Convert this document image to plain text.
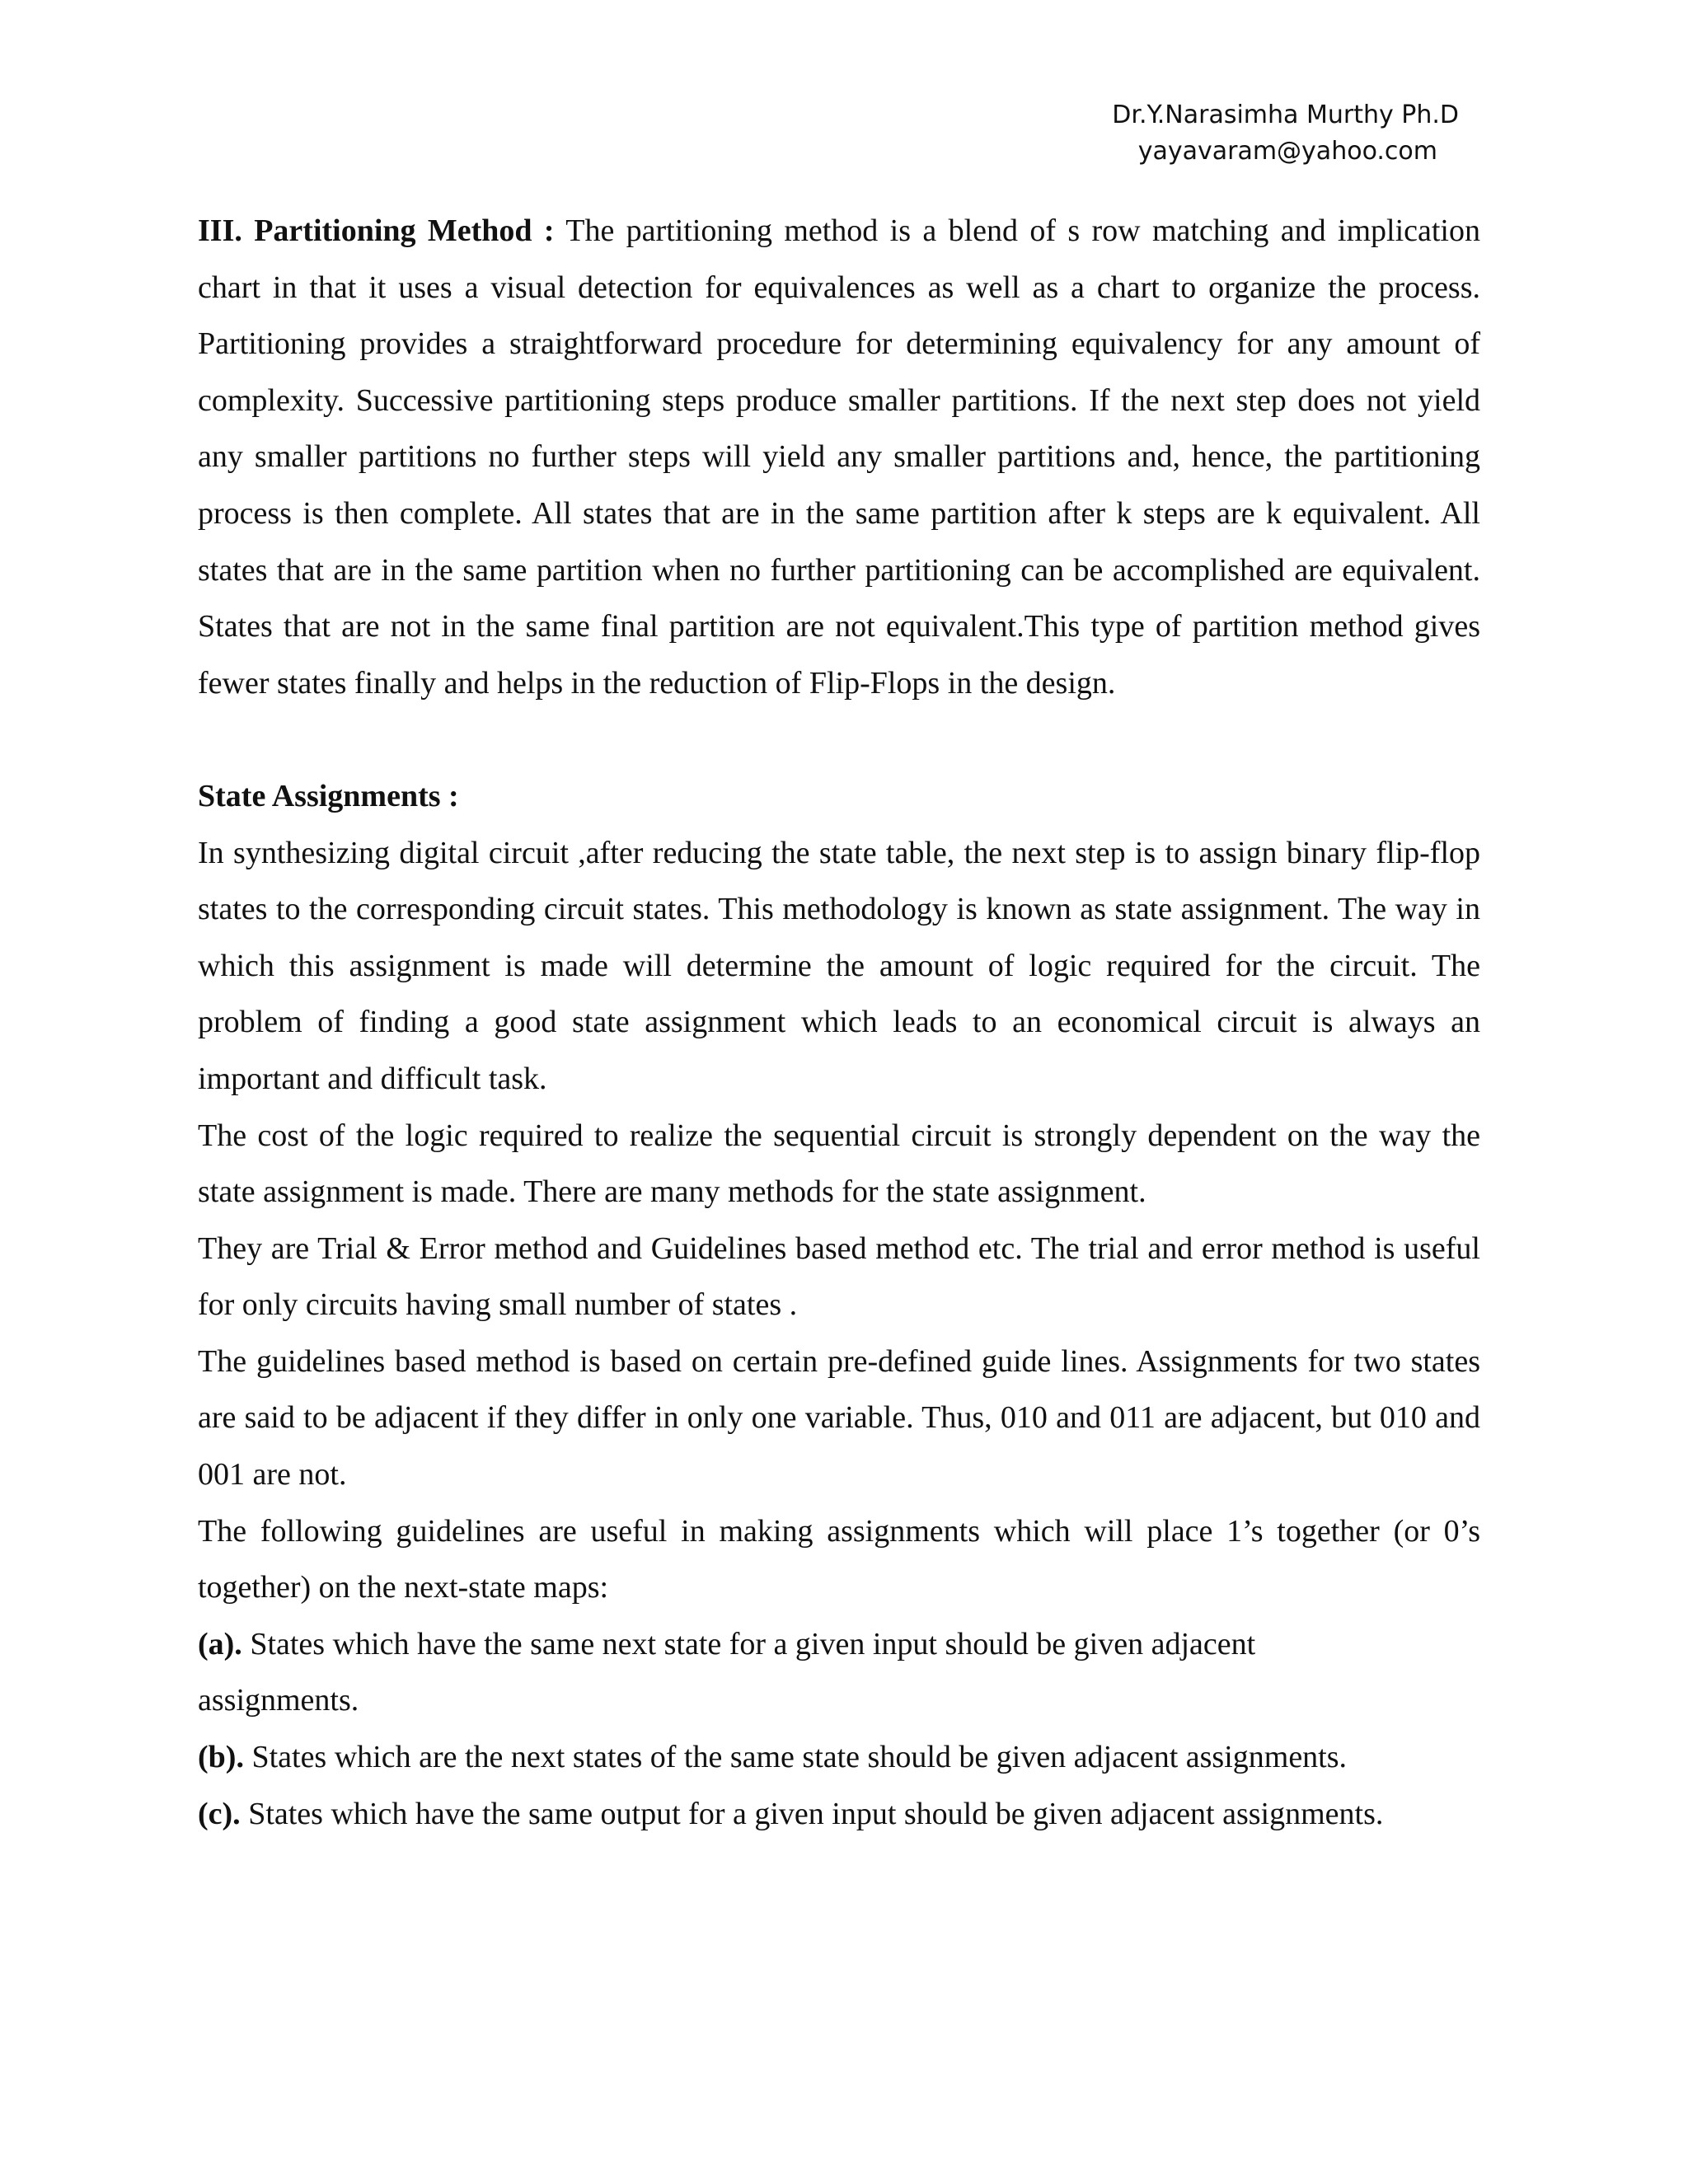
Dr.Y.Narasimha Murthy Ph.D
yayavaram@yahoo.com

III. Partitioning Method : The partitioning method is a blend of s row matching and implication chart in that it uses a visual detection for equivalences as well as a chart to organize the process. Partitioning provides a straightforward procedure for determining equivalency for any amount of complexity. Successive partitioning steps produce smaller partitions. If the next step does not yield any smaller partitions no further steps will yield any smaller partitions and, hence, the partitioning process is then complete. All states that are in the same partition after k steps are k equivalent. All states that are in the same partition when no further partitioning can be accomplished are equivalent. States that are not in the same final partition are not equivalent.This type of partition method gives fewer states finally and helps in the reduction of Flip-Flops in the design.

State Assignments :

In synthesizing digital circuit ,after reducing the state table, the next step is to assign binary flip-flop states to the corresponding circuit states. This methodology is known as state assignment. The way in which this assignment is made will determine the amount of logic required for the circuit. The problem of finding a good state assignment which leads to an economical circuit is always an important and difficult task.

The cost of the logic required to realize the sequential circuit is strongly dependent on the way the state assignment is made. There are many methods for the state assignment.

They are Trial & Error method and Guidelines based method etc. The trial and error method is useful for only circuits having small number of states .

The guidelines based method is based on certain pre-defined guide lines. Assignments for two states are said to be adjacent if they differ in only one variable. Thus, 010 and 011 are adjacent, but 010 and 001 are not.

The following guidelines are useful in making assignments which will place 1’s together (or 0’s together) on the next-state maps:

(a). States which have the same next state for a given input should be given adjacent

assignments.

(b). States which are the next states of the same state should be given adjacent assignments.

(c). States which have the same output for a given input should be given adjacent assignments.
